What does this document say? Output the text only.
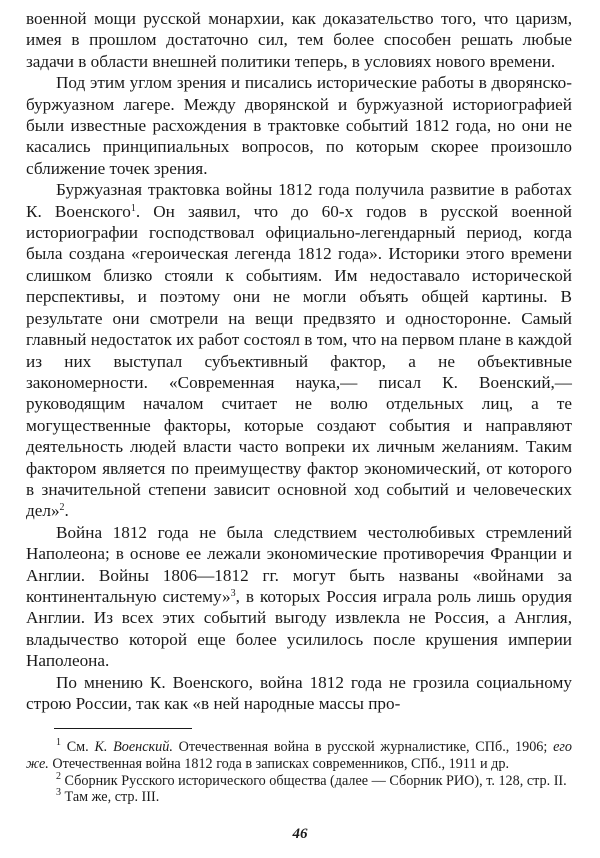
военной мощи русской монархии, как доказательство того, что царизм, имея в прошлом достаточно сил, тем более способен решать любые задачи в области внешней политики теперь, в условиях нового времени.

Под этим углом зрения и писались исторические работы в дворянско-буржуазном лагере. Между дворянской и буржуазной историографией были известные расхождения в трактовке событий 1812 года, но они не касались принципиальных вопросов, по которым скорее произошло сближение точек зрения.

Буржуазная трактовка войны 1812 года получила развитие в работах К. Военского$^1$. Он заявил, что до 60-х годов в русской военной историографии господствовал официально-легендарный период, когда была создана «героическая легенда 1812 года». Историки этого времени слишком близко стояли к событиям. Им недоставало исторической перспективы, и поэтому они не могли объять общей картины. В результате они смотрели на вещи предвзято и односторонне. Самый главный недостаток их работ состоял в том, что на первом плане в каждой из них выступал субъективный фактор, а не объективные закономерности. «Современная наука,— писал К. Военский,— руководящим началом считает не волю отдельных лиц, а те могущественные факторы, которые создают события и направляют деятельность людей власти часто вопреки их личным желаниям. Таким фактором является по преимуществу фактор экономический, от которого в значительной степени зависит основной ход событий и человеческих дел»$^2$.

Война 1812 года не была следствием честолюбивых стремлений Наполеона; в основе ее лежали экономические противоречия Франции и Англии. Войны 1806—1812 гг. могут быть названы «войнами за континентальную систему»$^3$, в которых Россия играла роль лишь орудия Англии. Из всех этих событий выгоду извлекла не Россия, а Англия, владычество которой еще более усилилось после крушения империи Наполеона.

По мнению К. Военского, война 1812 года не грозила социальному строю России, так как «в ней народные массы про-

$^1$ См. К. Военский. Отечественная война в русской журналистике, СПб., 1906; его же. Отечественная война 1812 года в записках современников, СПб., 1911 и др.

$^2$ Сборник Русского исторического общества (далее — Сборник РИО), т. 128, стр. II.

$^3$ Там же, стр. III.

46
